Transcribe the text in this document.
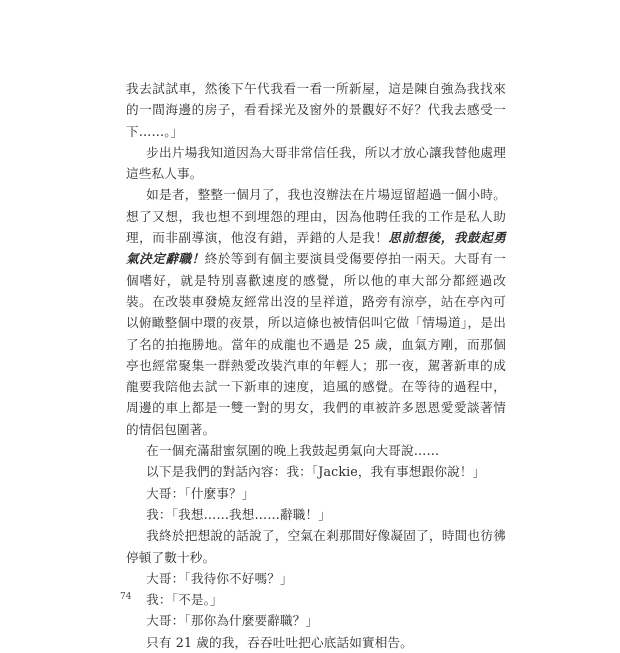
我去試試車，然後下午代我看一看一所新屋，這是陳自強為我找來的一間海邊的房子，看看採光及窗外的景觀好不好？代我去感受一下……。」

步出片場我知道因為大哥非常信任我，所以才放心讓我替他處理這些私人事。

如是者，整整一個月了，我也沒辦法在片場逗留超過一個小時。想了又想，我也想不到埋怨的理由，因為他聘任我的工作是私人助理，而非副導演，他沒有錯，弄錯的人是我！思前想後，我鼓起勇氣決定辭職！終於等到有個主要演員受傷要停拍一兩天。大哥有一個嗜好，就是特別喜歡速度的感覺，所以他的車大部分都經過改裝。在改裝車發燒友經常出沒的呈祥道，路旁有涼亭，站在亭內可以俯瞰整個中環的夜景，所以這條也被情侶叫它做「情場道」，是出了名的拍拖勝地。當年的成龍也不過是 25 歲，血氣方剛，而那個亭也經常聚集一群熱愛改裝汽車的年輕人；那一夜，駕著新車的成龍要我陪他去試一下新車的速度，追風的感覺。在等待的過程中，周邊的車上都是一雙一對的男女，我們的車被許多恩恩愛愛談著情的情侶包圍著。

在一個充滿甜蜜氛圍的晚上我鼓起勇氣向大哥說……

以下是我們的對話內容：我：「Jackie，我有事想跟你說！」

大哥：「什麼事？」

我：「我想……我想……辭職！」

我終於把想說的話說了，空氣在剎那間好像凝固了，時間也彷彿停頓了數十秒。

大哥：「我待你不好嗎？」

我：「不是。」

大哥：「那你為什麼要辭職？」

只有 21 歲的我，吞吞吐吐把心底話如實相告。

74
